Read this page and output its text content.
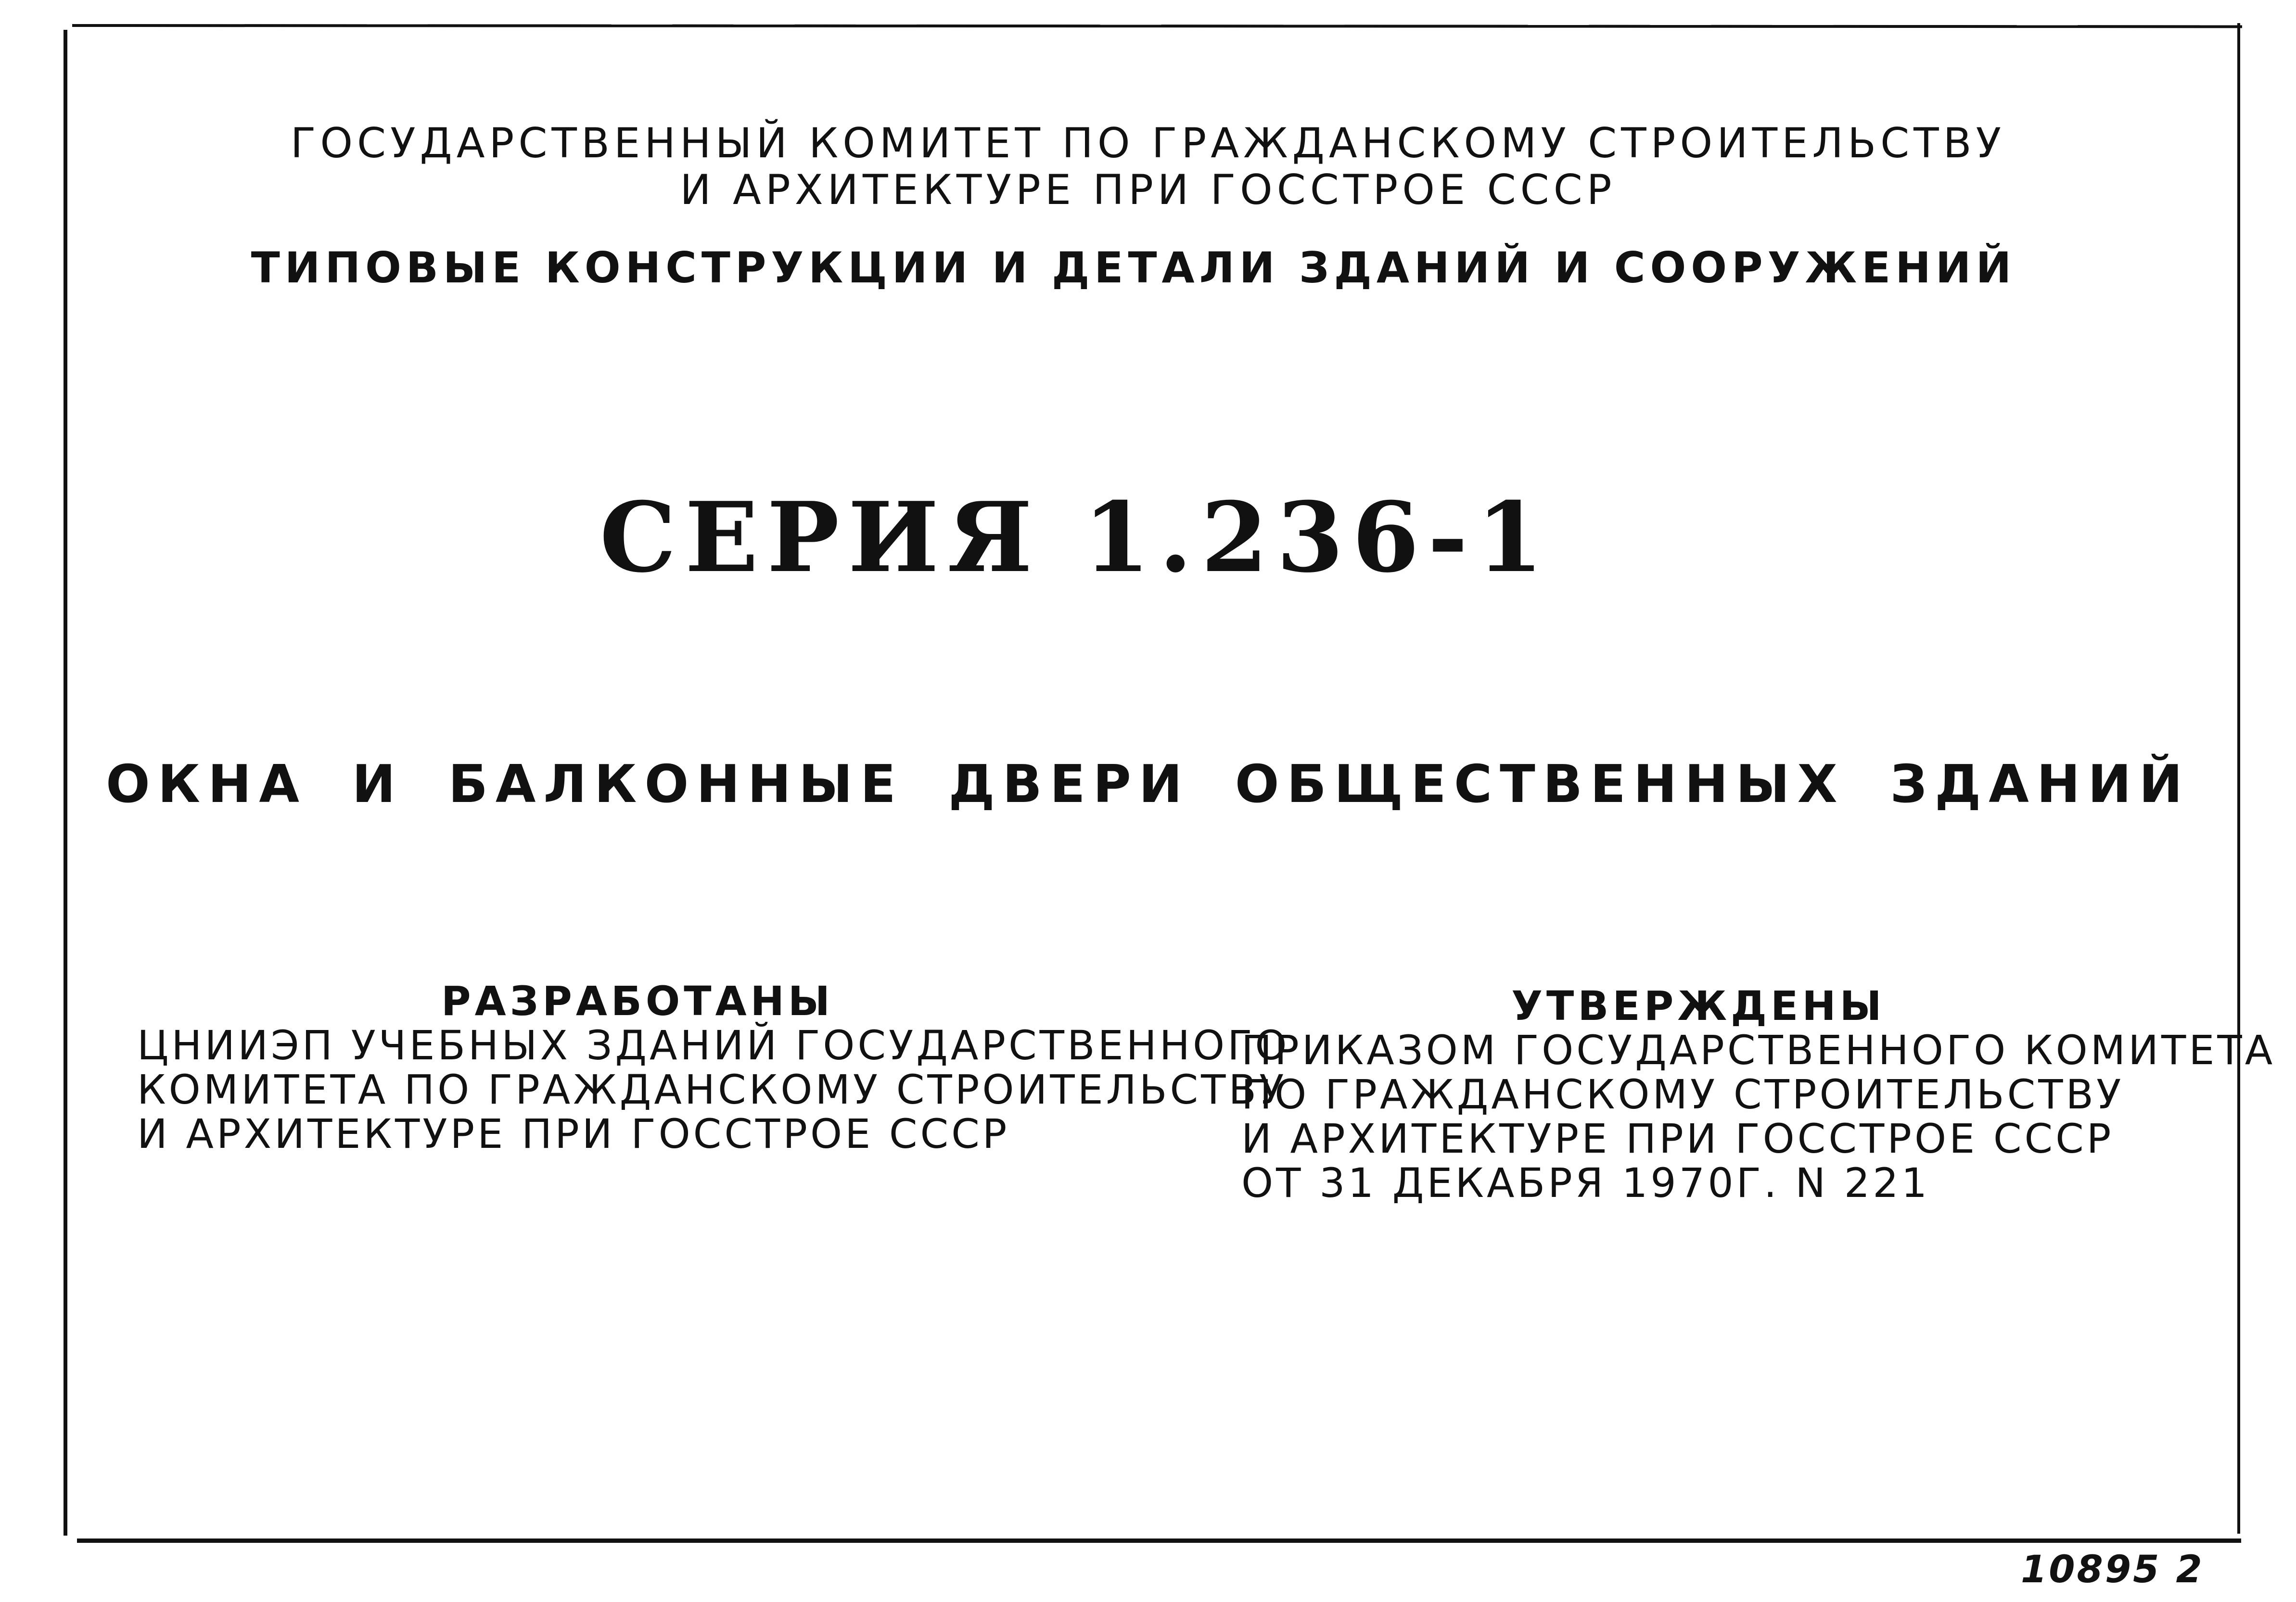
ГОСУДАРСТВЕННЫЙ КОМИТЕТ ПО ГРАЖДАНСКОМУ СТРОИТЕЛЬСТВУ
И АРХИТЕКТУРЕ ПРИ ГОССТРОЕ СССР
ТИПОВЫЕ КОНСТРУКЦИИ И ДЕТАЛИ ЗДАНИЙ И СООРУЖЕНИЙ
СЕРИЯ 1.236-1
ОКНА И БАЛКОННЫЕ ДВЕРИ ОБЩЕСТВЕННЫХ ЗДАНИЙ
РАЗРАБОТАНЫ
ЦНИИЭП УЧЕБНЫХ ЗДАНИЙ ГОСУДАРСТВЕННОГО
КОМИТЕТА ПО ГРАЖДАНСКОМУ СТРОИТЕЛЬСТВУ
И АРХИТЕКТУРЕ ПРИ ГОССТРОЕ СССР
УТВЕРЖДЕНЫ
ПРИКАЗОМ ГОСУДАРСТВЕННОГО КОМИТЕТА
ПО ГРАЖДАНСКОМУ СТРОИТЕЛЬСТВУ
И АРХИТЕКТУРЕ ПРИ ГОССТРОЕ СССР
ОТ 31 ДЕКАБРЯ 1970Г. N 221
10895 2
